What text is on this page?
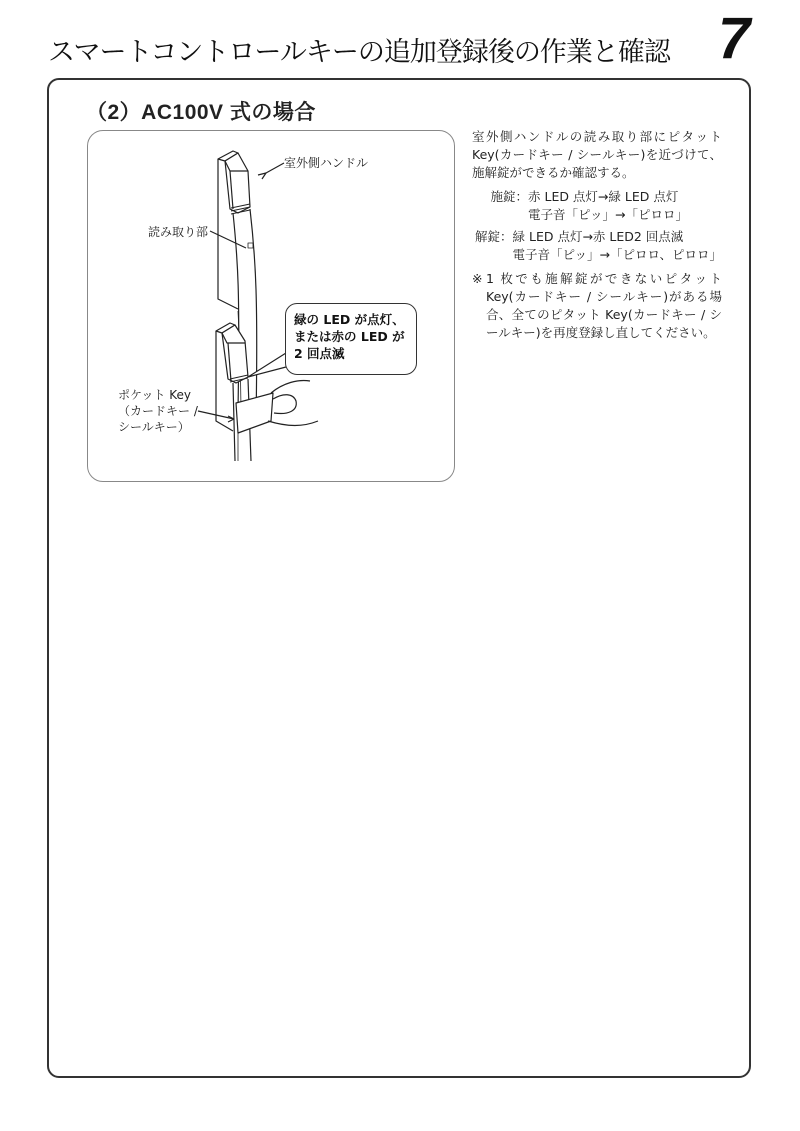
スマートコントロールキーの追加登録後の作業と確認 7
（2）AC100V 式の場合
室外側ハンドル
読み取り部
ポケット Key
（カードキー /
シールキー）
緑の LED が点灯、
または赤の LED が
2 回点滅

室外側ハンドルの読み取り部にピタットKey(カードキー / シールキー)を近づけて、施解錠ができるか確認する。

施錠： 赤 LED 点灯→緑 LED 点灯
電子音「ピッ」→「ピロロ」
解錠： 緑 LED 点灯→赤 LED2 回点滅
電子音「ピッ」→「ピロロ、ピロロ」
※ 1 枚でも施解錠ができないピタットKey(カードキー / シールキー)がある場合、全てのピタット Key(カードキー / シールキー)を再度登録し直してください。
